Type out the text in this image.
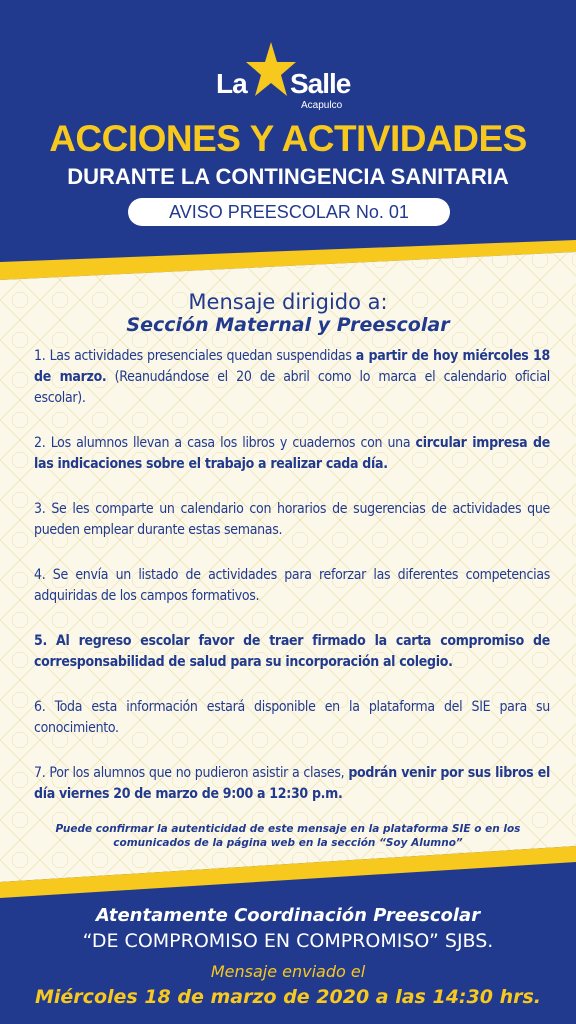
La Salle
Acapulco
ACCIONES Y ACTIVIDADES
DURANTE LA CONTINGENCIA SANITARIA
AVISO PREESCOLAR No. 01
Mensaje dirigido a:
Sección Maternal y Preescolar
1. Las actividades presenciales quedan suspendidas a partir de hoy miércoles 18 de marzo. (Reanudándose el 20 de abril como lo marca el calendario oficial escolar).
2. Los alumnos llevan a casa los libros y cuadernos con una circular impresa de las indicaciones sobre el trabajo a realizar cada día.
3. Se les comparte un calendario con horarios de sugerencias de actividades que pueden emplear durante estas semanas.
4. Se envía un listado de actividades para reforzar las diferentes competencias adquiridas de los campos formativos.
5. Al regreso escolar favor de traer firmado la carta compromiso de corresponsabilidad de salud para su incorporación al colegio.
6. Toda esta información estará disponible en la plataforma del SIE para su conocimiento.
7. Por los alumnos que no pudieron asistir a clases, podrán venir por sus libros el día viernes 20 de marzo de 9:00 a 12:30 p.m.
Puede confirmar la autenticidad de este mensaje en la plataforma SIE o en los comunicados de la página web en la sección “Soy Alumno”
Atentamente Coordinación Preescolar
“DE COMPROMISO EN COMPROMISO” SJBS.
Mensaje enviado el
Miércoles 18 de marzo de 2020 a las 14:30 hrs.
